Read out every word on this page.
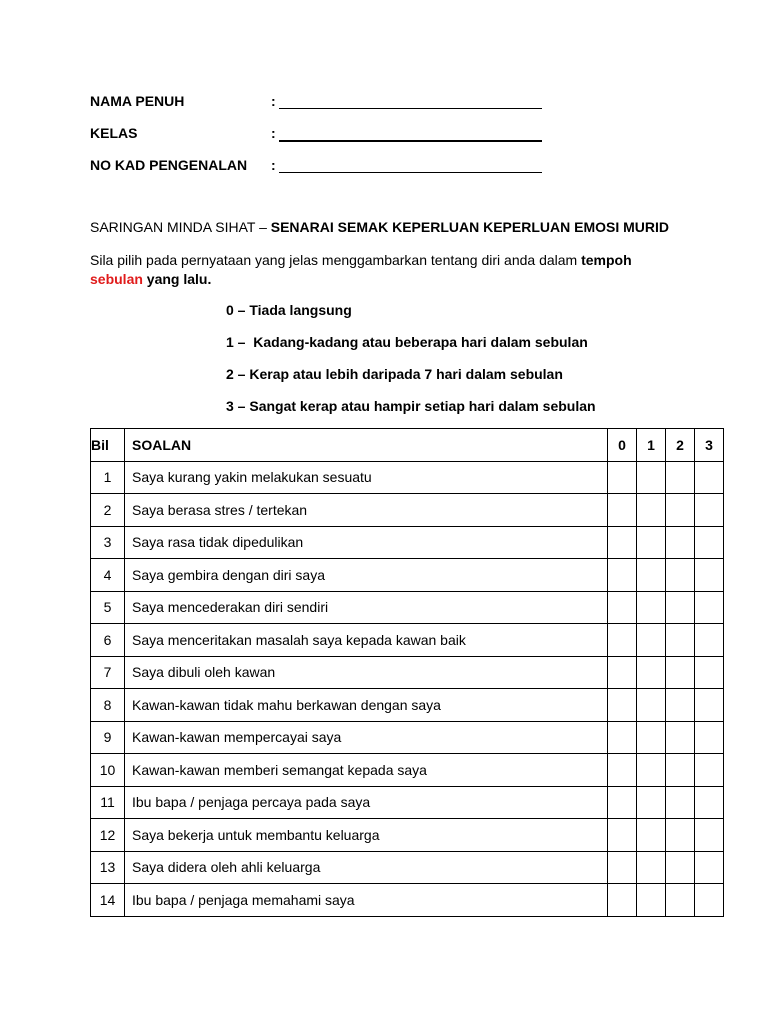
NAMA PENUH	:
KELAS	:
NO KAD PENGENALAN :
SARINGAN MINDA SIHAT – SENARAI SEMAK KEPERLUAN KEPERLUAN EMOSI MURID
Sila pilih pada pernyataan yang jelas menggambarkan tentang diri anda dalam tempoh
sebulan yang lalu.
0 – Tiada langsung
1 –  Kadang-kadang atau beberapa hari dalam sebulan
2 – Kerap atau lebih daripada 7 hari dalam sebulan
3 – Sangat kerap atau hampir setiap hari dalam sebulan
Bil	SOALAN	0	1	2	3
1	Saya kurang yakin melakukan sesuatu				
2	Saya berasa stres / tertekan				
3	Saya rasa tidak dipedulikan				
4	Saya gembira dengan diri saya				
5	Saya mencederakan diri sendiri				
6	Saya menceritakan masalah saya kepada kawan baik				
7	Saya dibuli oleh kawan				
8	Kawan-kawan tidak mahu berkawan dengan saya				
9	Kawan-kawan mempercayai saya				
10	Kawan-kawan memberi semangat kepada saya				
11	Ibu bapa / penjaga percaya pada saya				
12	Saya bekerja untuk membantu keluarga				
13	Saya didera oleh ahli keluarga				
14	Ibu bapa / penjaga memahami saya				
